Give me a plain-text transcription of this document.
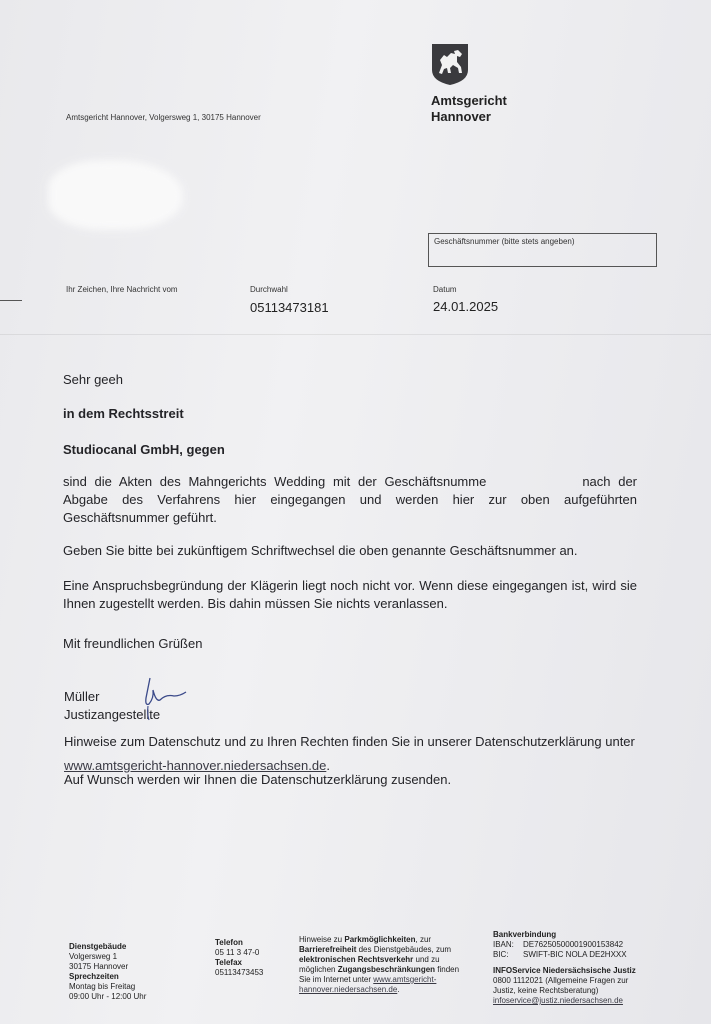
Amtsgericht
Hannover
Amtsgericht Hannover, Volgersweg 1, 30175 Hannover
Geschäftsnummer (bitte stets angeben)
Ihr Zeichen, Ihre Nachricht vom	Durchwahl
05113473181
Datum
24.01.2025
Sehr geeh
in dem Rechtsstreit
Studiocanal GmbH, gegen
sind die Akten des Mahngerichts Wedding mit der Geschäftsnumme	nach der Abgabe des Verfahrens hier eingegangen und werden hier zur oben aufgeführten Geschäftsnummer geführt.
Geben Sie bitte bei zukünftigem Schriftwechsel die oben genannte Geschäftsnummer an.
Eine Anspruchsbegründung der Klägerin liegt noch nicht vor. Wenn diese eingegangen ist, wird sie Ihnen zugestellt werden. Bis dahin müssen Sie nichts veranlassen.
Mit freundlichen Grüßen
Müller
Justizangestellte
Hinweise zum Datenschutz und zu Ihren Rechten finden Sie in unserer Datenschutzerklärung unter
www.amtsgericht-hannover.niedersachsen.de.
Auf Wunsch werden wir Ihnen die Datenschutzerklärung zusenden.
Dienstgebäude
Volgersweg 1
30175 Hannover
Sprechzeiten
Montag bis Freitag
09:00 Uhr - 12:00 Uhr
Telefon
05 11 3 47-0
Telefax
05113473453
Hinweise zu Parkmöglichkeiten, zur
Barrierefreiheit des Dienstgebäudes, zum
elektronischen Rechtsverkehr und zu
möglichen Zugangsbeschränkungen finden
Sie im Internet unter www.amtsgericht-
hannover.niedersachsen.de.
Bankverbindung
IBAN: DE76250500001900153842
BIC: SWIFT-BIC NOLA DE2HXXX
INFOService Niedersächsische Justiz
0800 1112021 (Allgemeine Fragen zur
Justiz, keine Rechtsberatung)
infoservice@justiz.niedersachsen.de
